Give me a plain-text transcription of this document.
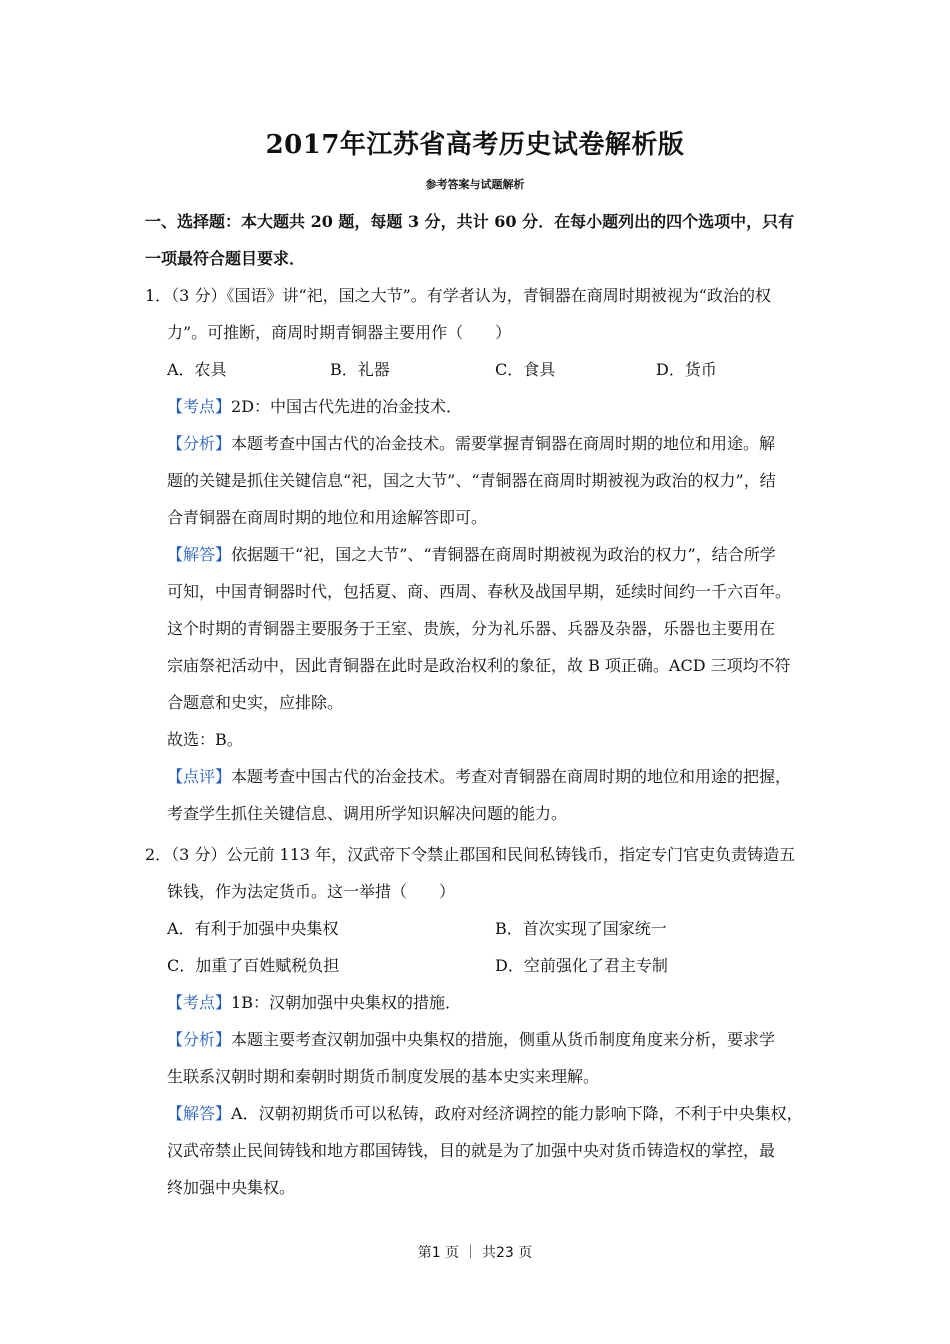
2017年江苏省高考历史试卷解析版
参考答案与试题解析
一、选择题：本大题共 20 题，每题 3 分，共计 60 分．在每小题列出的四个选项中，只有
一项最符合题目要求．
1．（3 分）《国语》讲“祀，国之大节”。有学者认为，青铜器在商周时期被视为“政治的权
力”。可推断，商周时期青铜器主要用作（　　）
A．农具	B．礼器	C．食具	D．货币
【考点】2D：中国古代先进的冶金技术．
【分析】本题考查中国古代的冶金技术。需要掌握青铜器在商周时期的地位和用途。解
题的关键是抓住关键信息“祀，国之大节”、“青铜器在商周时期被视为政治的权力”，结
合青铜器在商周时期的地位和用途解答即可。
【解答】依据题干“祀，国之大节”、“青铜器在商周时期被视为政治的权力”，结合所学
可知，中国青铜器时代，包括夏、商、西周、春秋及战国早期，延续时间约一千六百年。
这个时期的青铜器主要服务于王室、贵族，分为礼乐器、兵器及杂器，乐器也主要用在
宗庙祭祀活动中，因此青铜器在此时是政治权利的象征，故 B 项正确。ACD 三项均不符
合题意和史实，应排除。
故选：B。
【点评】本题考查中国古代的冶金技术。考查对青铜器在商周时期的地位和用途的把握，
考查学生抓住关键信息、调用所学知识解决问题的能力。
2．（3 分）公元前 113 年，汉武帝下令禁止郡国和民间私铸钱币，指定专门官吏负责铸造五
铢钱，作为法定货币。这一举措（　　）
A．有利于加强中央集权	B．首次实现了国家统一
C．加重了百姓赋税负担	D．空前强化了君主专制
【考点】1B：汉朝加强中央集权的措施．
【分析】本题主要考查汉朝加强中央集权的措施，侧重从货币制度角度来分析，要求学
生联系汉朝时期和秦朝时期货币制度发展的基本史实来理解。
【解答】A．汉朝初期货币可以私铸，政府对经济调控的能力影响下降，不利于中央集权，
汉武帝禁止民间铸钱和地方郡国铸钱，目的就是为了加强中央对货币铸造权的掌控，最
终加强中央集权。
第1 页 ｜ 共23 页
